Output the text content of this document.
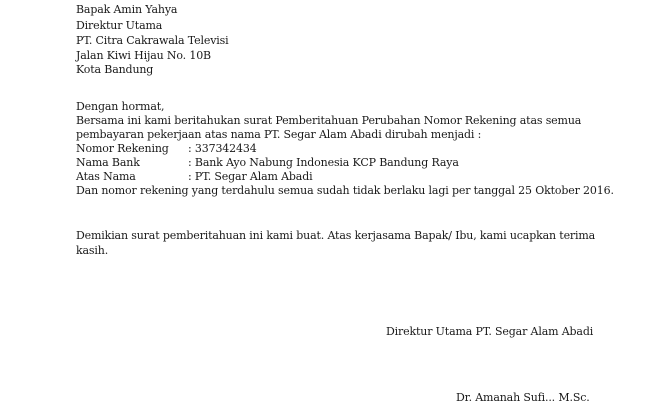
Bapak Amin Yahya
Direktur Utama
PT. Citra Cakrawala Televisi
Jalan Kiwi Hijau No. 10B
Kota Bandung
Dengan hormat,
Bersama ini kami beritahukan surat Pemberitahuan Perubahan Nomor Rekening atas semua
pembayaran pekerjaan atas nama PT. Segar Alam Abadi dirubah menjadi :
Nomor Rekening : 337342434
Nama Bank	: Bank Ayo Nabung Indonesia KCP Bandung Raya
Atas Nama	: PT. Segar Alam Abadi
Dan nomor rekening yang terdahulu semua sudah tidak berlaku lagi per tanggal 25 Oktober 2016.
Demikian surat pemberitahuan ini kami buat. Atas kerjasama Bapak/ Ibu, kami ucapkan terima
kasih.
Direktur Utama PT. Segar Alam Abadi
Dr. Amanah Sufi... M.Sc.
